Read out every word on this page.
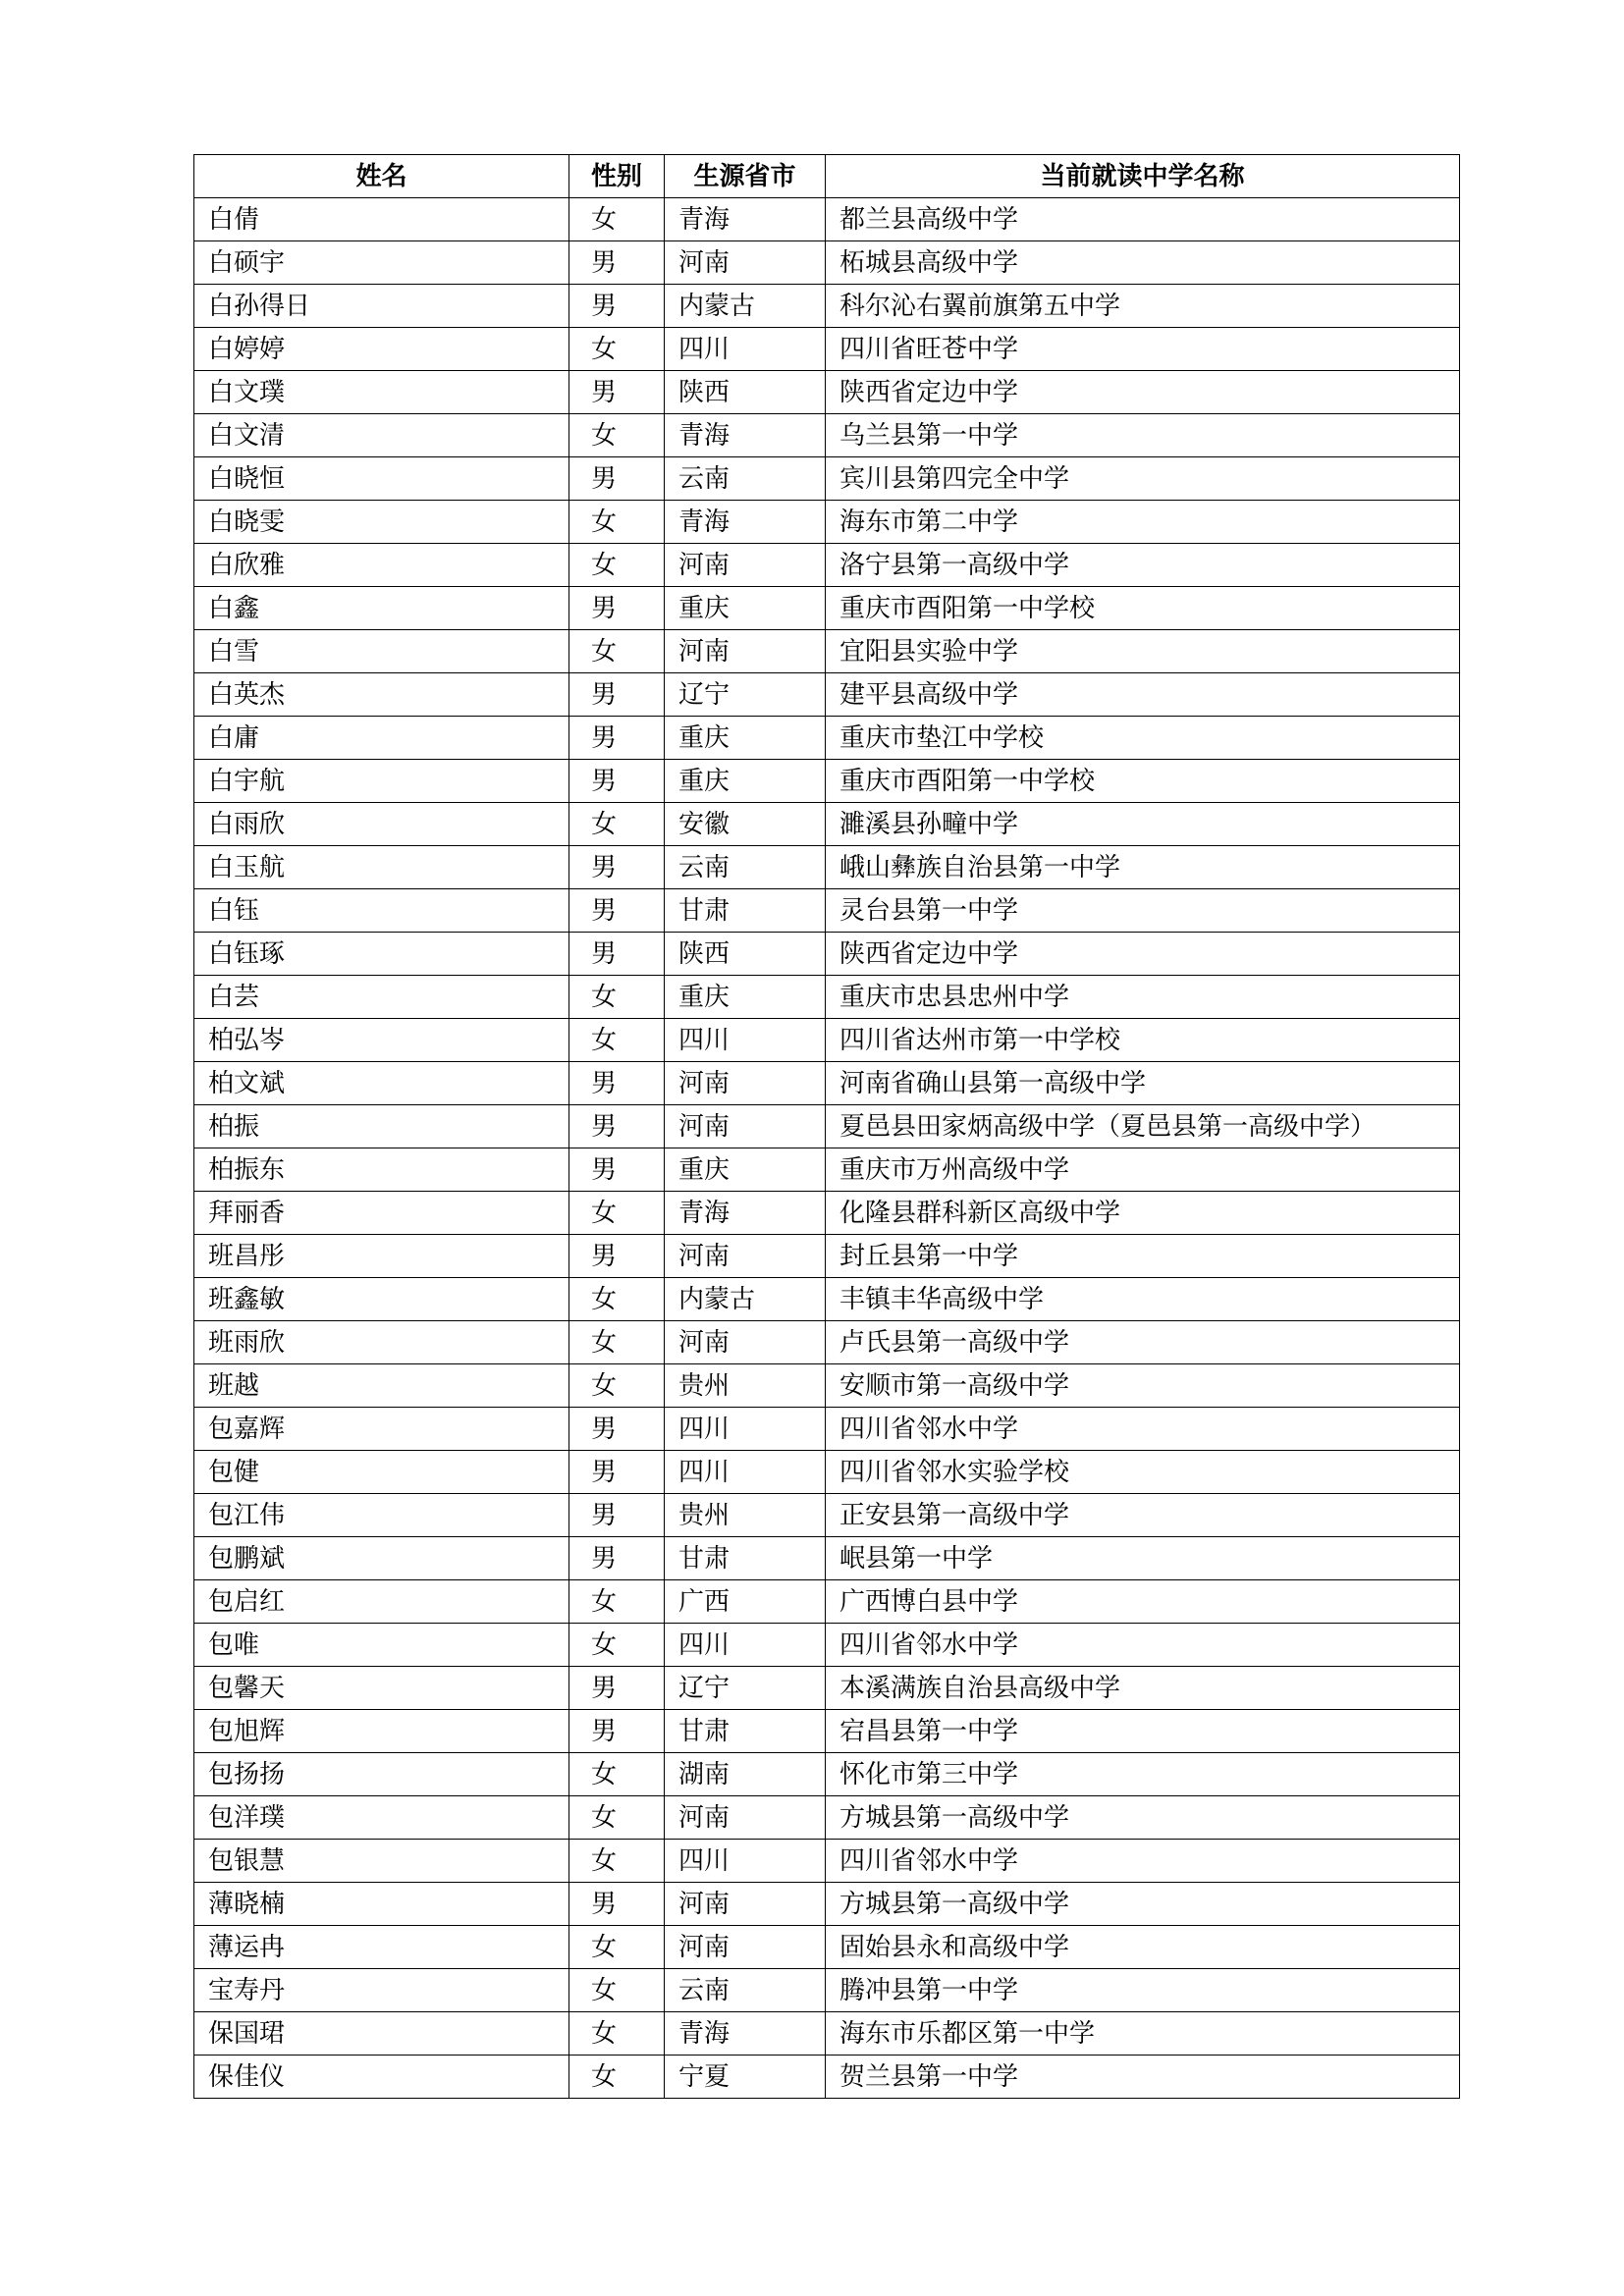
姓名	性别	生源省市	当前就读中学名称
白倩	女	青海	都兰县高级中学
白硕宇	男	河南	柘城县高级中学
白孙得日	男	内蒙古	科尔沁右翼前旗第五中学
白婷婷	女	四川	四川省旺苍中学
白文璞	男	陕西	陕西省定边中学
白文清	女	青海	乌兰县第一中学
白晓恒	男	云南	宾川县第四完全中学
白晓雯	女	青海	海东市第二中学
白欣雅	女	河南	洛宁县第一高级中学
白鑫	男	重庆	重庆市酉阳第一中学校
白雪	女	河南	宜阳县实验中学
白英杰	男	辽宁	建平县高级中学
白庸	男	重庆	重庆市垫江中学校
白宇航	男	重庆	重庆市酉阳第一中学校
白雨欣	女	安徽	濉溪县孙疃中学
白玉航	男	云南	峨山彝族自治县第一中学
白钰	男	甘肃	灵台县第一中学
白钰琢	男	陕西	陕西省定边中学
白芸	女	重庆	重庆市忠县忠州中学
柏弘岑	女	四川	四川省达州市第一中学校
柏文斌	男	河南	河南省确山县第一高级中学
柏振	男	河南	夏邑县田家炳高级中学（夏邑县第一高级中学）
柏振东	男	重庆	重庆市万州高级中学
拜丽香	女	青海	化隆县群科新区高级中学
班昌彤	男	河南	封丘县第一中学
班鑫敏	女	内蒙古	丰镇丰华高级中学
班雨欣	女	河南	卢氏县第一高级中学
班越	女	贵州	安顺市第一高级中学
包嘉辉	男	四川	四川省邻水中学
包健	男	四川	四川省邻水实验学校
包江伟	男	贵州	正安县第一高级中学
包鹏斌	男	甘肃	岷县第一中学
包启红	女	广西	广西博白县中学
包唯	女	四川	四川省邻水中学
包馨天	男	辽宁	本溪满族自治县高级中学
包旭辉	男	甘肃	宕昌县第一中学
包扬扬	女	湖南	怀化市第三中学
包洋璞	女	河南	方城县第一高级中学
包银慧	女	四川	四川省邻水中学
薄晓楠	男	河南	方城县第一高级中学
薄运冉	女	河南	固始县永和高级中学
宝寿丹	女	云南	腾冲县第一中学
保国珺	女	青海	海东市乐都区第一中学
保佳仪	女	宁夏	贺兰县第一中学
